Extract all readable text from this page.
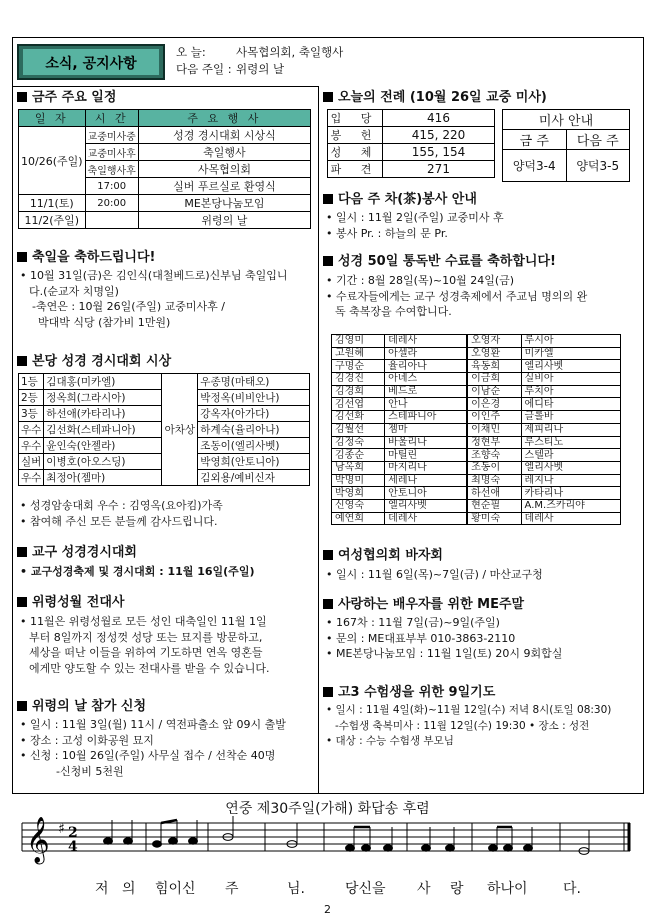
소식, 공지사항
오 늘:	사목협의회, 축일행사
다음 주일 : 위령의 날
금주 주요 일정
일 자	시 간	주 요 행 사
10/26(주일)	교중미사중	성경 경시대회 시상식
	교중미사후	축일행사
	축일행사후	사목협의회
	17:00	실버 푸르실로 환영식
11/1(토)	20:00	ME본당나눔모임
11/2(주일)		위령의 날
축일을 축하드립니다!
• 10월 31일(금)은 김인식(대철베드로)신부님 축일입니
다.(순교자 치명일)
-축연은 : 10월 26일(주일) 교중미사후 /
박대박 식당 (참가비 1만원)
본당 성경 경시대회 시상
1등	김대홍(미카엘)	아차상	우종명(마태오)
2등	정옥희(그라시아)		박정옥(비비안나)
3등	하선애(카타리나)		강옥자(아가다)
우수	김선화(스테파니아)		하계숙(율리아나)
우수	윤인숙(안젤라)		조동이(엘리사벳)
실버	이병호(아오스딩)		박영희(안토니아)
우수	최정아(젬마)		김외용/예비신자
• 성경암송대회 우수 : 김영옥(요아킴)가족
• 참여해 주신 모든 분들께 감사드립니다.
교구 성경경시대회
• 교구성경축제 및 경시대회 : 11월 16일(주일)
위령성월 전대사
• 11월은 위령성월로 모든 성인 대축일인 11월 1일
부터 8일까지 정성껏 성당 또는 묘지를 방문하고,
세상을 떠난 이들을 위하여 기도하면 연옥 영혼들
에게만 양도할 수 있는 전대사를 받을 수 있습니다.
위령의 날 참가 신청
• 일시 : 11월 3일(월) 11시 / 역전파출소 앞 09시 출발
• 장소 : 고성 이화공원 묘지
• 신청 : 10월 26일(주일) 사무실 접수 / 선착순 40명
-신청비 5천원
오늘의 전례 (10월 26일 교중 미사)
입 당	416
봉 헌	415, 220
성 체	155, 154
파 견	271
미사 안내	
금 주	다음 주
양덕3-4	양덕3-5
다음 주 차(茶)봉사 안내
• 일시 : 11월 2일(주일) 교중미사 후
• 봉사 Pr. : 하늘의 문 Pr.
성경 50일 통독반 수료를 축하합니다!
• 기간 : 8월 28일(목)~10월 24일(금)
• 수료자들에게는 교구 성경축제에서 주교님 명의의 완
독 축복장을 수여합니다.
김영미	데레사	오영자	루시아
고원혜	아셀라	오영환	미카엘
구명순	율리아나	육동희	엘리사벳
김경진	아녜스	이금희	실비아
김경희	베드로	이남순	루치아
김선엽	안나	이은경	에디타
김선화	스테파니아	이인주	글롤바
김월선	젬마	이채민	제피리나
김정숙	바울리나	정현부	루스티노
김종순	마틸린	조향숙	스텔라
남옥희	마지리나	조동이	엘리사벳
박명미	세레나	최명숙	레지나
박영희	안토니아	하선애	카타리나
신영숙	엘리사벳	현순필	A.M.즈카리야
예연희	데레사	황미숙	데레사
여성협의회 바자회
• 일시 : 11월 6일(목)~7일(금) / 마산교구청
사랑하는 배우자를 위한 ME주말
• 167차 : 11월 7일(금)~9일(주일)
• 문의 : ME대표부부 010-3863-2110
• ME본당나눔모임 : 11월 1일(토) 20시 9회합실
고3 수험생을 위한 9일기도
• 일시 : 11월 4일(화)~11월 12일(수) 저녁 8시(토일 08:30)
-수험생 축복미사 : 11월 12일(수) 19:30 • 장소 : 성전
• 대상 : 수능 수험생 부모님
연중 제30주일(가해) 화답송 후렴
𝄞 ♯ 2
4
저 의 힘이신 주	님.	당신을 사 랑 하나이	다.
2
